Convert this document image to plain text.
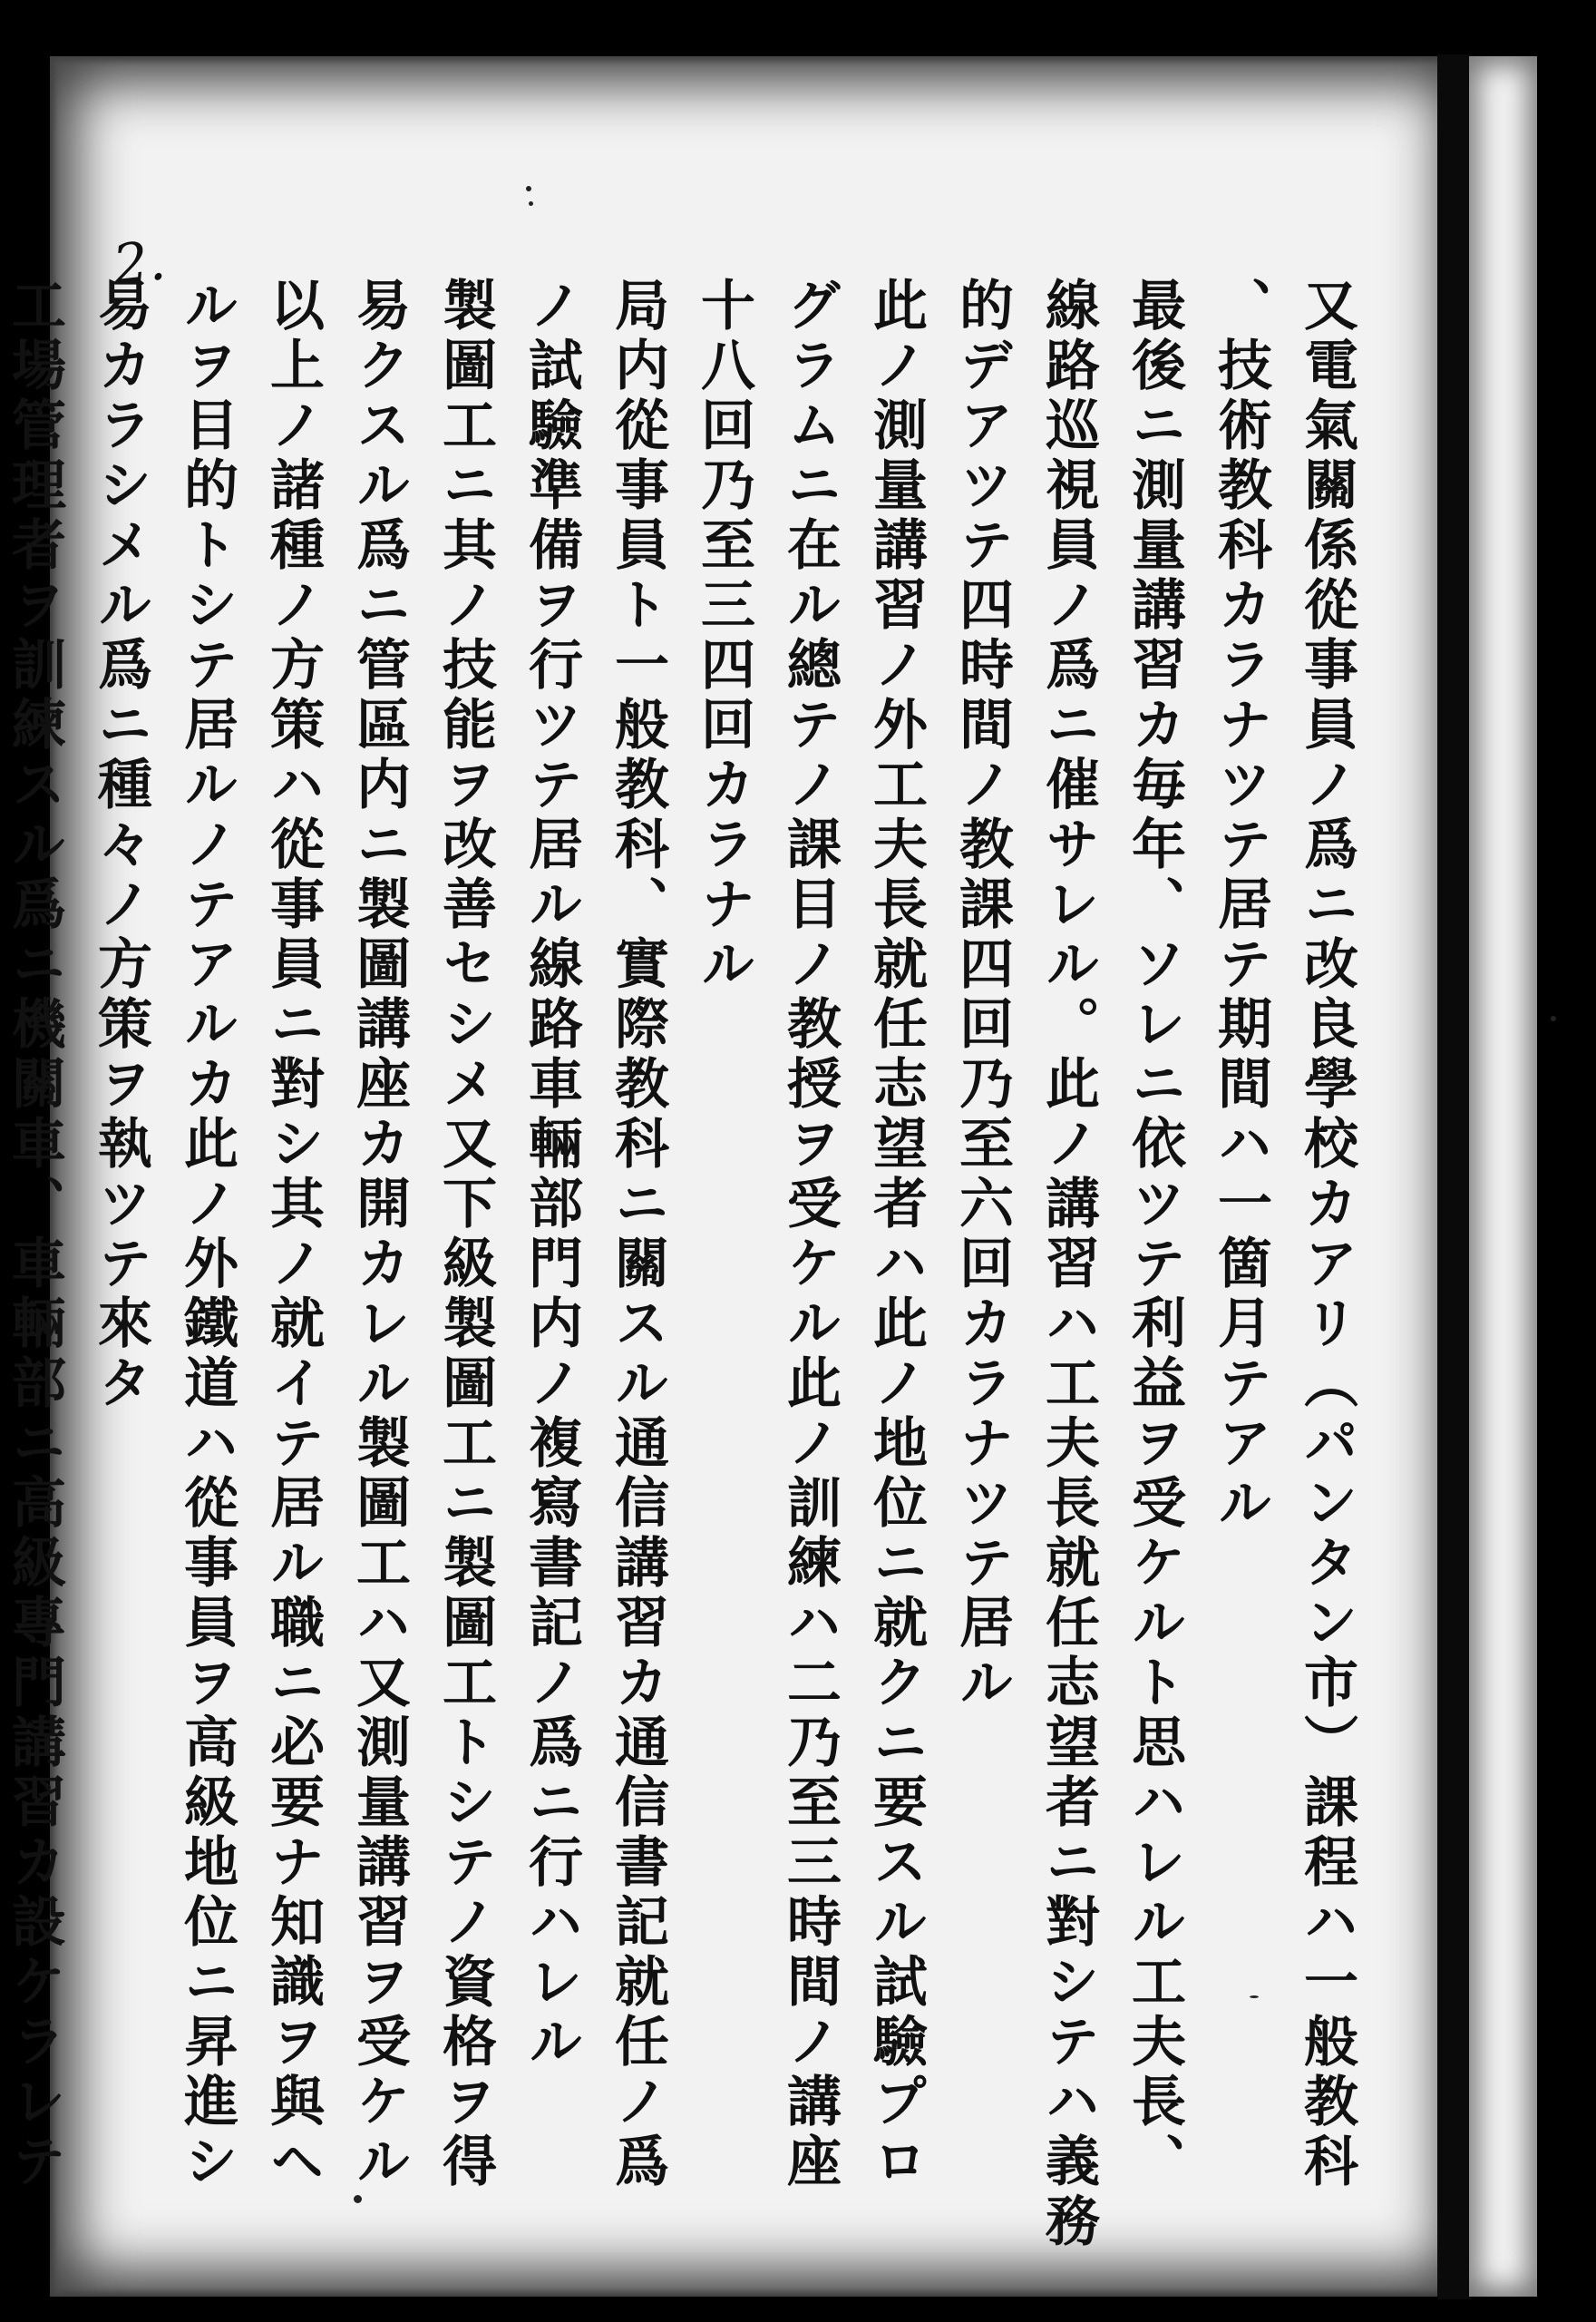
2.
又電氣關係從事員ノ爲ニ改良學校カアリ（パンタン市）課程ハ一般教科
、技術教科カラナツテ居テ期間ハ一箇月テアル
最後ニ測量講習カ毎年、ソレニ依ツテ利益ヲ受ケルト思ハレル工夫長、
線路巡視員ノ爲ニ催サレル。此ノ講習ハ工夫長就任志望者ニ對シテハ義務
的デアツテ四時間ノ教課四回乃至六回カラナツテ居ル
此ノ測量講習ノ外工夫長就任志望者ハ此ノ地位ニ就クニ要スル試驗プロ
グラムニ在ル總テノ課目ノ教授ヲ受ケル此ノ訓練ハ二乃至三時間ノ講座
十八回乃至三四回カラナル
局内從事員ト一般教科、實際教科ニ關スル通信講習カ通信書記就任ノ爲
ノ試驗準備ヲ行ツテ居ル線路車輛部門内ノ複寫書記ノ爲ニ行ハレル
製圖工ニ其ノ技能ヲ改善セシメ又下級製圖工ニ製圖工トシテノ資格ヲ得
易クスル爲ニ管區内ニ製圖講座カ開カレル製圖工ハ又測量講習ヲ受ケル
以上ノ諸種ノ方策ハ從事員ニ對シ其ノ就イテ居ル職ニ必要ナ知識ヲ與ヘ
ルヲ目的トシテ居ルノテアルカ此ノ外鐵道ハ從事員ヲ高級地位ニ昇進シ
易カラシメル爲ニ種々ノ方策ヲ執ツテ來タ
工場管理者ヲ訓練スル爲ニ機關車、車輛部ニ高級專門講習カ設ケラレテ
